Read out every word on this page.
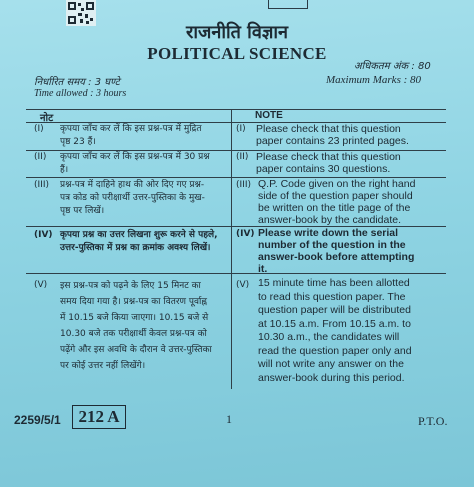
राजनीति विज्ञान
POLITICAL SCIENCE
निर्धारित समय : 3 घण्टे
Time allowed : 3 hours
अधिकतम अंक : 80
Maximum Marks : 80
नोट	NOTE
(I) कृपया जाँच कर लें कि इस प्रश्न-पत्र में मुद्रित
पृष्ठ 23 हैं।
(I) Please check that this question
paper contains 23 printed pages.
(II) कृपया जाँच कर लें कि इस प्रश्न-पत्र में 30 प्रश्न
हैं।
(II) Please check that this question
paper contains 30 questions.
(III) प्रश्न-पत्र में दाहिने हाथ की ओर दिए गए प्रश्न-
पत्र कोड को परीक्षार्थी उत्तर-पुस्तिका के मुख-
पृष्ठ पर लिखें।
(III) Q.P. Code given on the right hand
side of the question paper should
be written on the title page of the
answer-book by the candidate.
(IV) कृपया प्रश्न का उत्तर लिखना शुरू करने से पहले,
उत्तर-पुस्तिका में प्रश्न का क्रमांक अवश्य लिखें।
(IV) Please write down the serial
number of the question in the
answer-book before attempting
it.
(V) इस प्रश्न-पत्र को पढ़ने के लिए 15 मिनट का
समय दिया गया है। प्रश्न-पत्र का वितरण पूर्वाह्न
में 10.15 बजे किया जाएगा। 10.15 बजे से
10.30 बजे तक परीक्षार्थी केवल प्रश्न-पत्र को
पढ़ेंगे और इस अवधि के दौरान वे उत्तर-पुस्तिका
पर कोई उत्तर नहीं लिखेंगे।
(V) 15 minute time has been allotted
to read this question paper. The
question paper will be distributed
at 10.15 a.m. From 10.15 a.m. to
10.30 a.m., the candidates will
read the question paper only and
will not write any answer on the
answer-book during this period.
2259/5/1	212 A	1	P.T.O.
